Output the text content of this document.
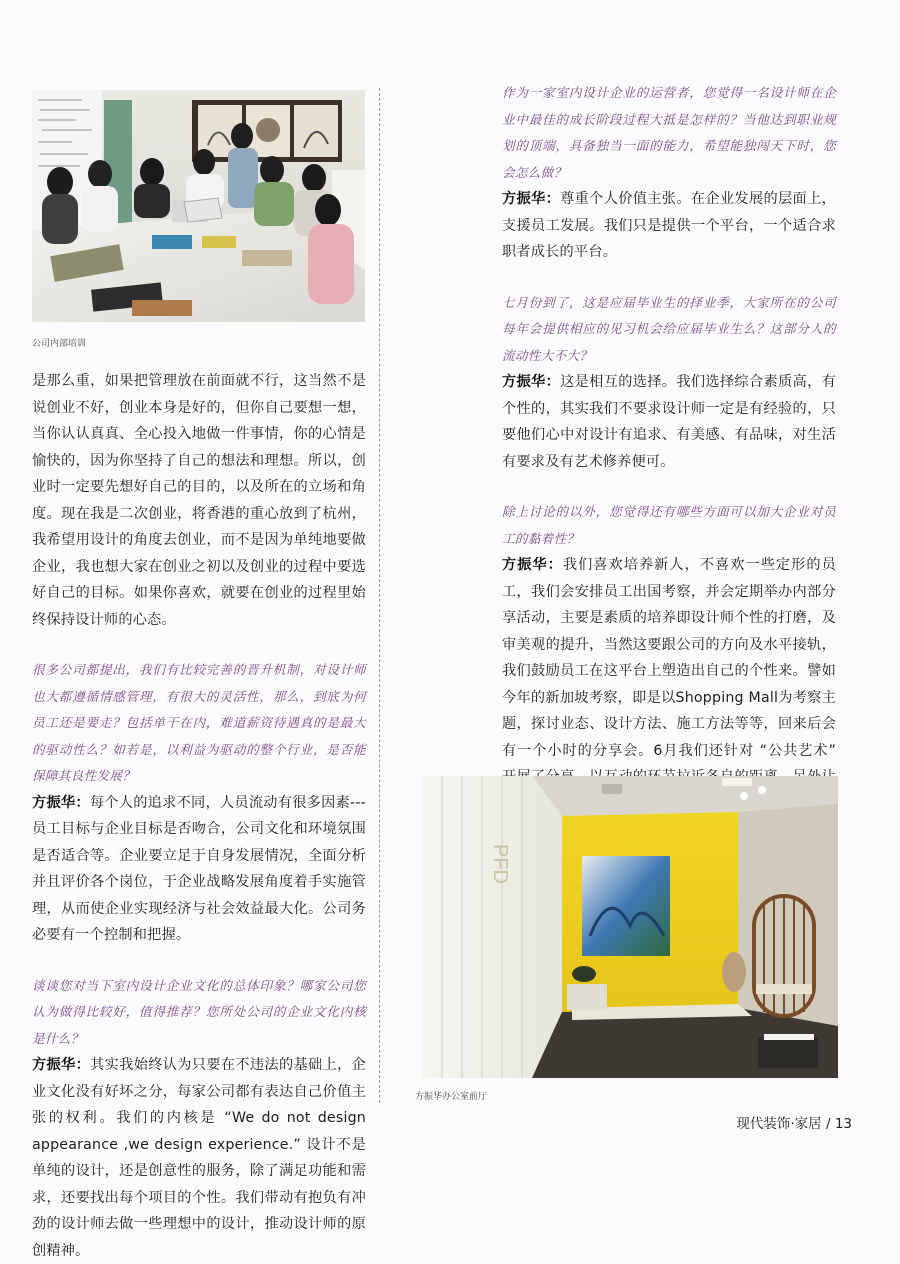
公司内部培训

是那么重，如果把管理放在前面就不行，这当然不是说创业不好，创业本身是好的，但你自己要想一想，当你认认真真、全心投入地做一件事情，你的心情是愉快的，因为你坚持了自己的想法和理想。所以，创业时一定要先想好自己的目的，以及所在的立场和角度。现在我是二次创业，将香港的重心放到了杭州，我希望用设计的角度去创业，而不是因为单纯地要做企业，我也想大家在创业之初以及创业的过程中要选好自己的目标。如果你喜欢，就要在创业的过程里始终保持设计师的心态。

很多公司都提出，我们有比较完善的晋升机制，对设计师也大都遵循情感管理，有很大的灵活性，那么，到底为何员工还是要走？包括单干在内，难道薪资待遇真的是最大的驱动性么？如若是，以利益为驱动的整个行业，是否能保障其良性发展？

方振华：每个人的追求不同，人员流动有很多因素---员工目标与企业目标是否吻合，公司文化和环境氛围是否适合等。企业要立足于自身发展情况，全面分析并且评价各个岗位，于企业战略发展角度着手实施管理，从而使企业实现经济与社会效益最大化。公司务必要有一个控制和把握。

谈谈您对当下室内设计企业文化的总体印象？哪家公司您认为做得比较好，值得推荐？您所处公司的企业文化内核是什么？

方振华：其实我始终认为只要在不违法的基础上，企业文化没有好坏之分，每家公司都有表达自己价值主张的权利。我们的内核是 “We do not design appearance ,we design experience.” 设计不是单纯的设计，还是创意性的服务，除了满足功能和需求，还要找出每个项目的个性。我们带动有抱负有冲劲的设计师去做一些理想中的设计，推动设计师的原创精神。

作为一家室内设计企业的运营者，您觉得一名设计师在企业中最佳的成长阶段过程大抵是怎样的？当他达到职业规划的顶端，具备独当一面的能力，希望能独闯天下时，您会怎么做？

方振华：尊重个人价值主张。在企业发展的层面上，支援员工发展。我们只是提供一个平台，一个适合求职者成长的平台。

七月份到了，这是应届毕业生的择业季，大家所在的公司每年会提供相应的见习机会给应届毕业生么？这部分人的流动性大不大？

方振华：这是相互的选择。我们选择综合素质高，有个性的，其实我们不要求设计师一定是有经验的，只要他们心中对设计有追求、有美感、有品味，对生活有要求及有艺术修养便可。

除上讨论的以外，您觉得还有哪些方面可以加大企业对员工的黏着性？

方振华：我们喜欢培养新人，不喜欢一些定形的员工，我们会安排员工出国考察，并会定期举办内部分享活动，主要是素质的培养即设计师个性的打磨，及审美观的提升，当然这要跟公司的方向及水平接轨，我们鼓励员工在这平台上塑造出自己的个性来。譬如今年的新加坡考察，即是以Shopping Mall为考察主题，探讨业态、设计方法、施工方法等等，回来后会有一个小时的分享会。6月我们还针对 “公共艺术”

PFD
方振华办公室前厅
现代装饰·家居 / 13
